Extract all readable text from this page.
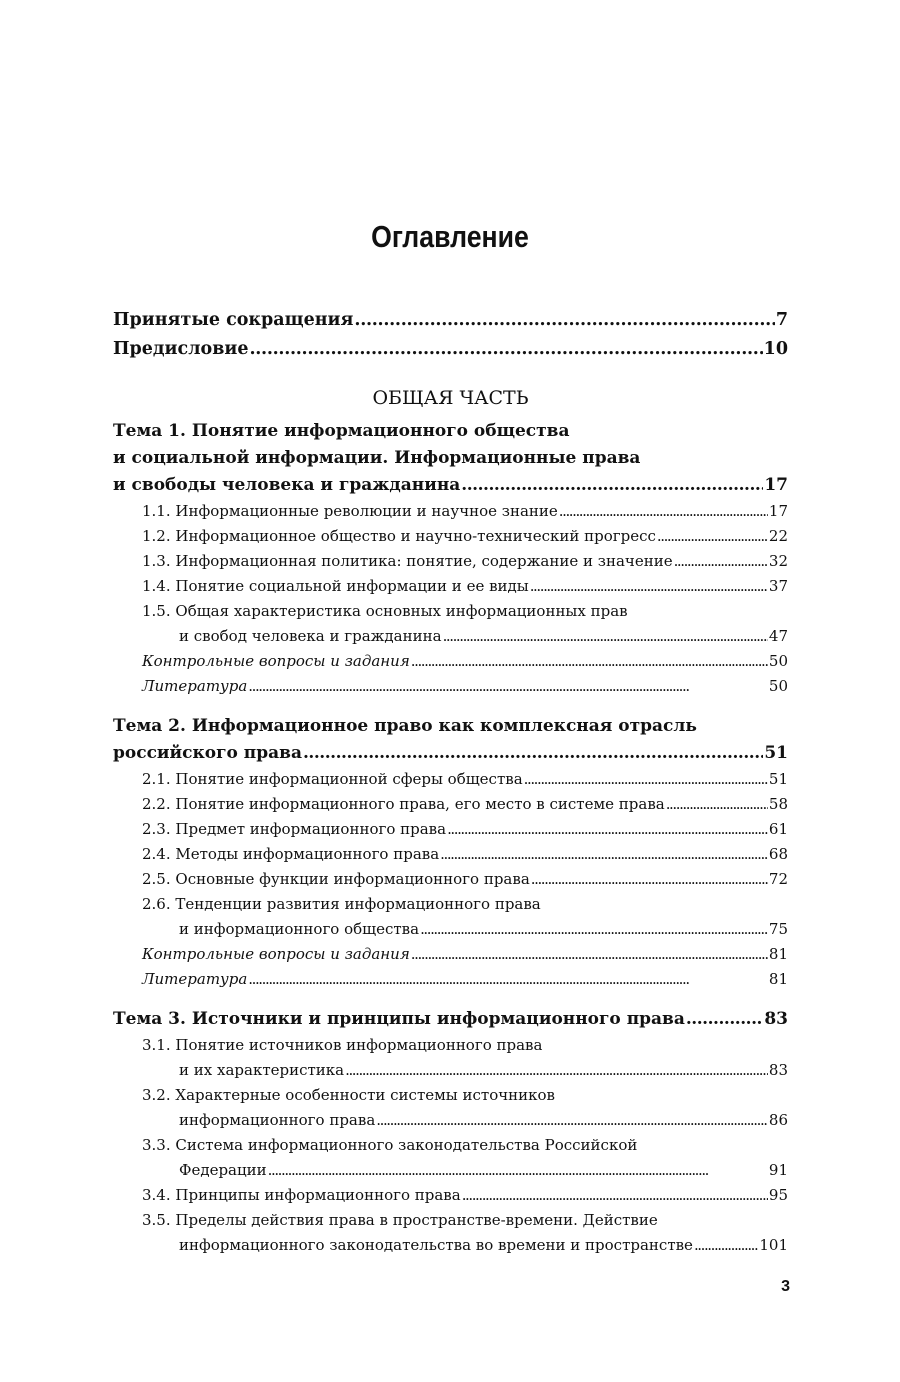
Оглавление
Принятые сокращения . . .	7
Предисловие . . .	10
ОБЩАЯ ЧАСТЬ
Тема 1. Понятие информационного общества
и социальной информации. Информационные права
и свободы человека и гражданина . . .	17
1.1. Информационные революции и научное знание . . .	17
1.2. Информационное общество и научно-технический прогресс . . .	22
1.3. Информационная политика: понятие, содержание и значение . . .	32
1.4. Понятие социальной информации и ее виды . . .	37
1.5. Общая характеристика основных информационных прав
и свобод человека и гражданина . . .	47
Контрольные вопросы и задания . . .	50
Литература . . .	50
Тема 2. Информационное право как комплексная отрасль
российского права . . .	51
2.1. Понятие информационной сферы общества . . .	51
2.2. Понятие информационного права, его место в системе права . . .	58
2.3. Предмет информационного права . . .	61
2.4. Методы информационного права . . .	68
2.5. Основные функции информационного права . . .	72
2.6. Тенденции развития информационного права
и информационного общества . . .	75
Контрольные вопросы и задания . . .	81
Литература . . .	81
Тема 3. Источники и принципы информационного права . . .	83
3.1. Понятие источников информационного права
и их характеристика . . .	83
3.2. Характерные особенности системы источников
информационного права . . .	86
3.3. Система информационного законодательства Российской
Федерации . . .	91
3.4. Принципы информационного права . . .	95
3.5. Пределы действия права в пространстве-времени. Действие
информационного законодательства во времени и пространстве . . .	101
3
